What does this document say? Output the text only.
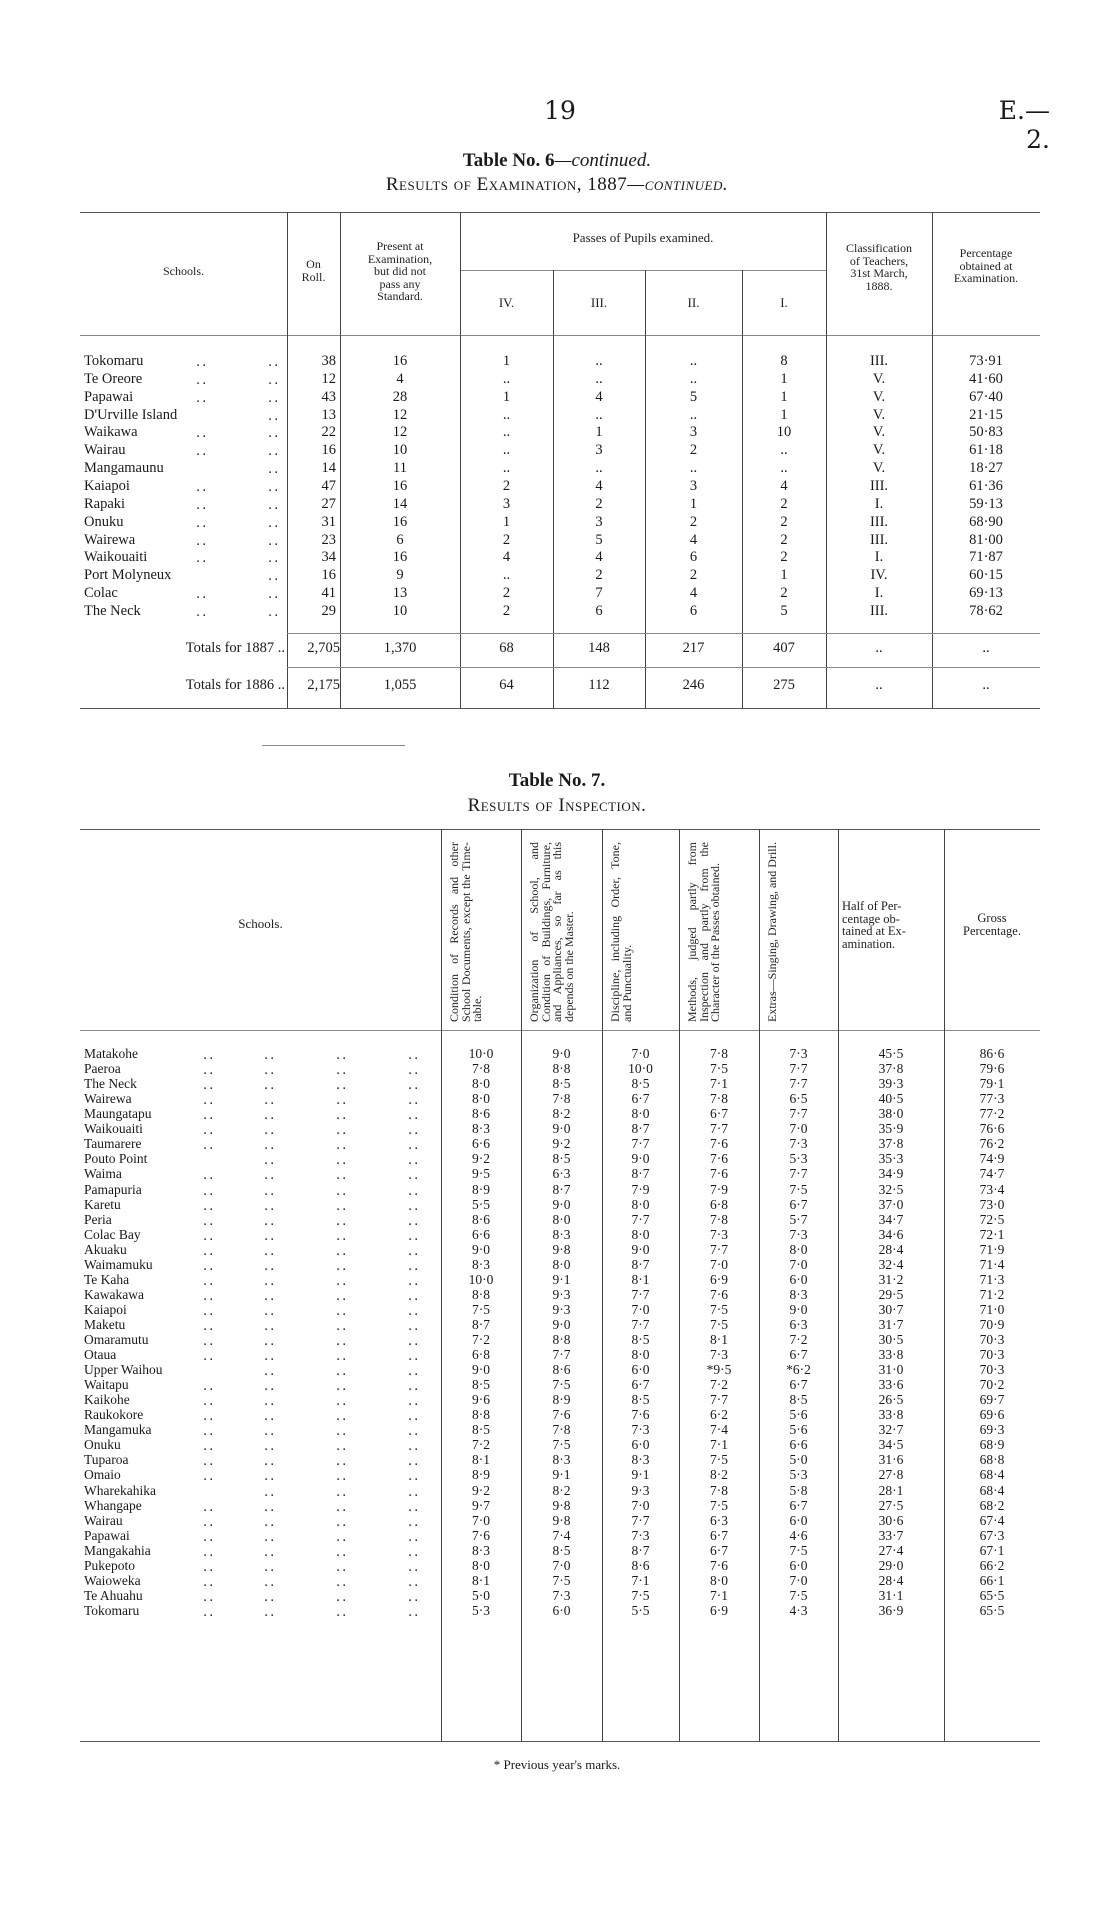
19	E.—2.
Table No. 6—continued.
Results of Examination, 1887—continued.
Schools.	On
Roll.
Present at
Examination,
but did not
pass any
Standard.
Passes of Pupils examined.
IV.	III.	II.	I.
Classification
of Teachers,
31st March,
1888.
Percentage
obtained at
Examination.
Tokomaru	..	..	38	16	1	..	..	8	III.	73·91
Te Oreore	..	..	12	4	..	..	..	1	V.	41·60
Papawai	..	..	43	28	1	4	5	1	V.	67·40
D'Urville Island	..	13	12	..	..	..	1	V.	21·15
Waikawa	..	..	22	12	..	1	3	10	V.	50·83
Wairau	..	..	16	10	..	3	2	..	V.	61·18
Mangamaunu	..	14	11	..	..	..	..	V.	18·27
Kaiapoi	..	..	47	16	2	4	3	4	III.	61·36
Rapaki	..	..	27	14	3	2	1	2	I.	59·13
Onuku	..	..	31	16	1	3	2	2	III.	68·90
Wairewa	..	..	23	6	2	5	4	2	III.	81·00
Waikouaiti	..	..	34	16	4	4	6	2	I.	71·87
Port Molyneux	..	16	9	..	2	2	1	IV.	60·15
Colac	..	..	41	13	2	7	4	2	I.	69·13
The Neck	..	..	29	10	2	6	6	5	III.	78·62
Totals for 1887 ..	2,705	1,370	68	148	217	407	..	..
Totals for 1886 ..	2,175	1,055	64	112	246	275	..	..
Table No. 7.
Results of Inspection.
Schools.	Condition of Records and other School Documents, except the Time-table.	Organization of School, and Condition of Buildings, Furniture, and Appliances, so far as this depends on the Master.	Discipline, including Order, Tone, and Punctuality.	Methods, judged partly from Inspection and partly from the Character of the Passes obtained.	Extras—Singing, Drawing, and Drill.	Half of Per-
centage ob-
tained at Ex-
amination.
Gross
Percentage.
Matakohe	..	..	..	..	10·0	9·0	7·0	7·8	7·3	45·5	86·6
Paeroa	..	..	..	..	7·8	8·8	10·0	7·5	7·7	37·8	79·6
The Neck	..	..	..	..	8·0	8·5	8·5	7·1	7·7	39·3	79·1
Wairewa	..	..	..	..	8·0	7·8	6·7	7·8	6·5	40·5	77·3
Maungatapu	..	..	..	..	8·6	8·2	8·0	6·7	7·7	38·0	77·2
Waikouaiti	..	..	..	..	8·3	9·0	8·7	7·7	7·0	35·9	76·6
Taumarere	..	..	..	..	6·6	9·2	7·7	7·6	7·3	37·8	76·2
Pouto Point	..	..	..	9·2	8·5	9·0	7·6	5·3	35·3	74·9
Waima	..	..	..	..	9·5	6·3	8·7	7·6	7·7	34·9	74·7
Pamapuria	..	..	..	..	8·9	8·7	7·9	7·9	7·5	32·5	73·4
Karetu	..	..	..	..	5·5	9·0	8·0	6·8	6·7	37·0	73·0
Peria	..	..	..	..	8·6	8·0	7·7	7·8	5·7	34·7	72·5
Colac Bay	..	..	..	..	6·6	8·3	8·0	7·3	7·3	34·6	72·1
Akuaku	..	..	..	..	9·0	9·8	9·0	7·7	8·0	28·4	71·9
Waimamuku	..	..	..	..	8·3	8·0	8·7	7·0	7·0	32·4	71·4
Te Kaha	..	..	..	..	10·0	9·1	8·1	6·9	6·0	31·2	71·3
Kawakawa	..	..	..	..	8·8	9·3	7·7	7·6	8·3	29·5	71·2
Kaiapoi	..	..	..	..	7·5	9·3	7·0	7·5	9·0	30·7	71·0
Maketu	..	..	..	..	8·7	9·0	7·7	7·5	6·3	31·7	70·9
Omaramutu	..	..	..	..	7·2	8·8	8·5	8·1	7·2	30·5	70·3
Otaua	..	..	..	..	6·8	7·7	8·0	7·3	6·7	33·8	70·3
Upper Waihou	..	..	..	9·0	8·6	6·0	*9·5	*6·2	31·0	70·3
Waitapu	..	..	..	..	8·5	7·5	6·7	7·2	6·7	33·6	70·2
Kaikohe	..	..	..	..	9·6	8·9	8·5	7·7	8·5	26·5	69·7
Raukokore	..	..	..	..	8·8	7·6	7·6	6·2	5·6	33·8	69·6
Mangamuka	..	..	..	..	8·5	7·8	7·3	7·4	5·6	32·7	69·3
Onuku	..	..	..	..	7·2	7·5	6·0	7·1	6·6	34·5	68·9
Tuparoa	..	..	..	..	8·1	8·3	8·3	7·5	5·0	31·6	68·8
Omaio	..	..	..	..	8·9	9·1	9·1	8·2	5·3	27·8	68·4
Wharekahika	..	..	..	9·2	8·2	9·3	7·8	5·8	28·1	68·4
Whangape	..	..	..	..	9·7	9·8	7·0	7·5	6·7	27·5	68·2
Wairau	..	..	..	..	7·0	9·8	7·7	6·3	6·0	30·6	67·4
Papawai	..	..	..	..	7·6	7·4	7·3	6·7	4·6	33·7	67·3
Mangakahia	..	..	..	..	8·3	8·5	8·7	6·7	7·5	27·4	67·1
Pukepoto	..	..	..	..	8·0	7·0	8·6	7·6	6·0	29·0	66·2
Waioweka	..	..	..	..	8·1	7·5	7·1	8·0	7·0	28·4	66·1
Te Ahuahu	..	..	..	..	5·0	7·3	7·5	7·1	7·5	31·1	65·5
Tokomaru	..	..	..	..	5·3	6·0	5·5	6·9	4·3	36·9	65·5
* Previous year's marks.
